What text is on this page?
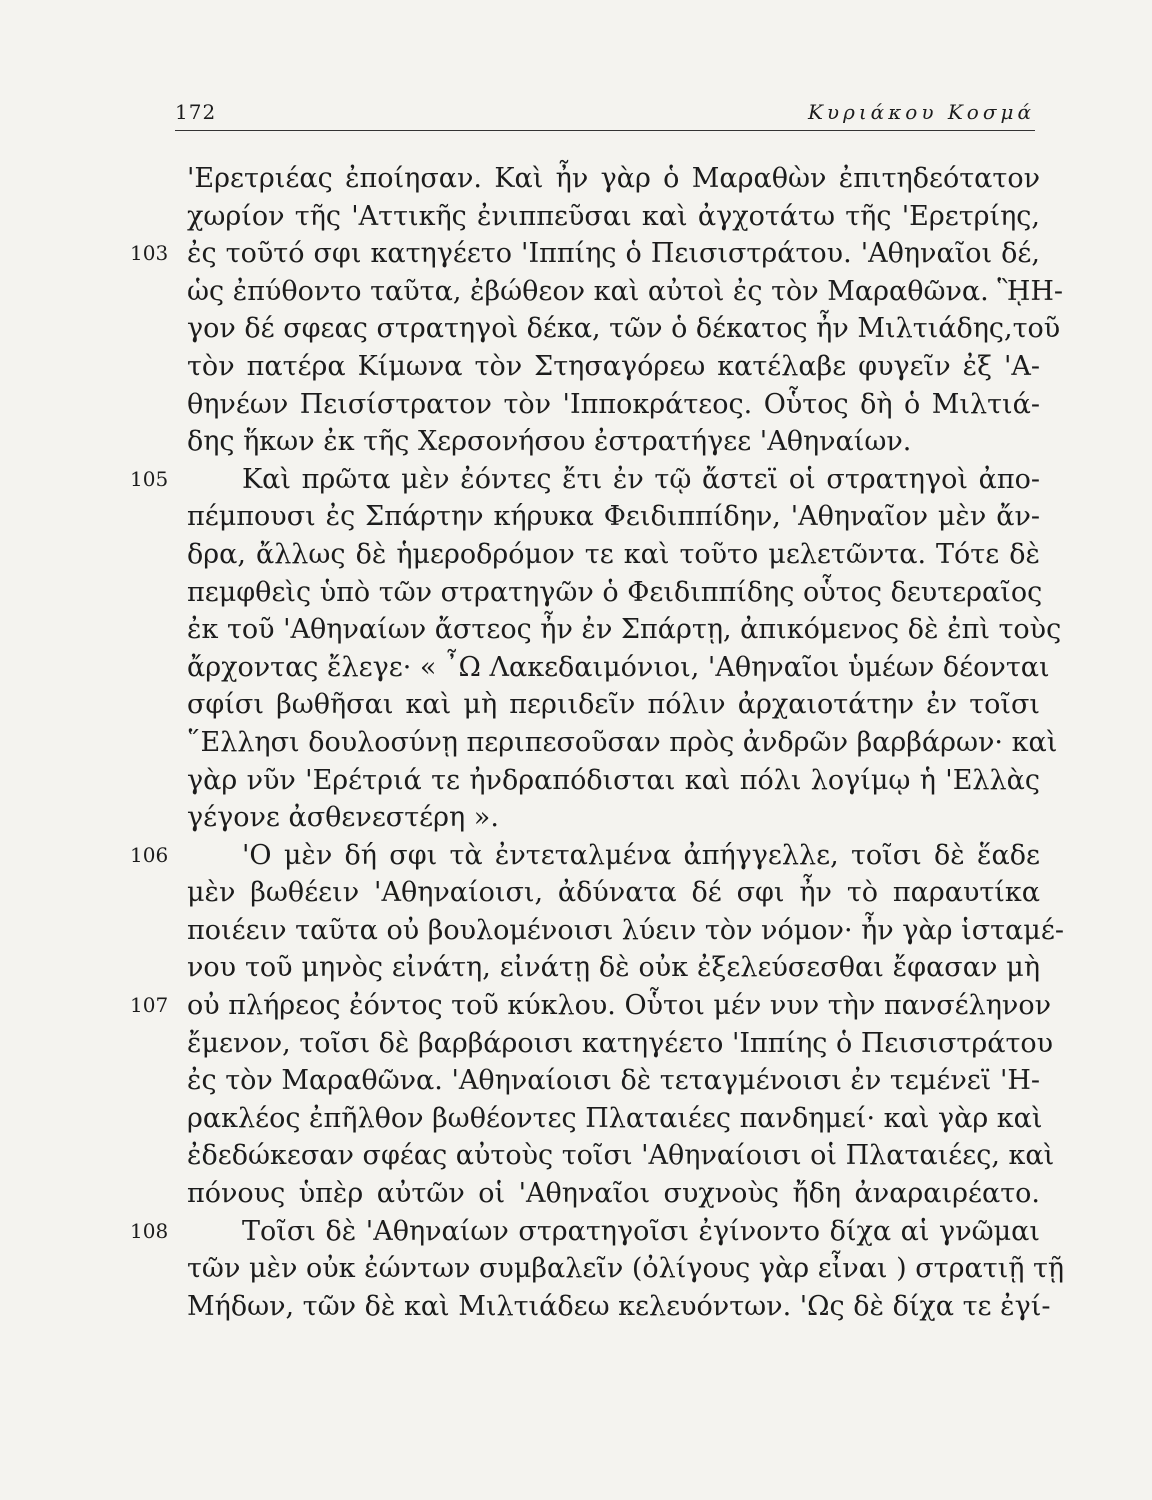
172	Κυριάκου Κοσμά
'Ερετριέας ἐποίησαν. Καὶ ἦν γὰρ ὁ Μαραθὼν ἐπιτηδεότατον
χωρίον τῆς 'Αττικῆς ἐνιππεῦσαι καὶ ἀγχοτάτω τῆς 'Ερετρίης,
103 ἐς τοῦτό σφι κατηγέετο 'Ιππίης ὁ Πεισιστράτου. 'Αθηναῖοι δέ,
ὡς ἐπύθοντο ταῦτα, ἐβώθεον καὶ αὐτοὶ ἐς τὸν Μαραθῶνα. ᾛΗ-
γον δέ σφεας στρατηγοὶ δέκα, τῶν ὁ δέκατος ἦν Μιλτιάδης,τοῦ
τὸν πατέρα Κίμωνα τὸν Στησαγόρεω κατέλαβε φυγεῖν ἐξ 'Α-
θηνέων Πεισίστρατον τὸν 'Ιπποκράτεος. Οὗτος δὴ ὁ Μιλτιά-
δης ἥκων ἐκ τῆς Χερσονήσου ἐστρατήγεε 'Αθηναίων.
105	Καὶ πρῶτα μὲν ἐόντες ἔτι ἐν τῷ ἄστεϊ οἱ στρατηγοὶ ἀπο-
πέμπουσι ἐς Σπάρτην κήρυκα Φειδιππίδην, 'Αθηναῖον μὲν ἄν-
δρα, ἄλλως δὲ ἡμεροδρόμον τε καὶ τοῦτο μελετῶντα. Τότε δὲ
πεμφθεὶς ὑπὸ τῶν στρατηγῶν ὁ Φειδιππίδης οὗτος δευτεραῖος
ἐκ τοῦ 'Αθηναίων ἄστεος ἦν ἐν Σπάρτῃ, ἀπικόμενος δὲ ἐπὶ τοὺς
ἄρχοντας ἔλεγε· « ῏Ω Λακεδαιμόνιοι, 'Αθηναῖοι ὑμέων δέονται
σφίσι βωθῆσαι καὶ μὴ περιιδεῖν πόλιν ἀρχαιοτάτην ἐν τοῖσι
῞Ελλησι δουλοσύνῃ περιπεσοῦσαν πρὸς ἀνδρῶν βαρβάρων· καὶ
γὰρ νῦν 'Ερέτριά τε ἠνδραπόδισται καὶ πόλι λογίμῳ ἡ 'Ελλὰς
γέγονε ἀσθενεστέρη ».
106	'Ο μὲν δή σφι τὰ ἐντεταλμένα ἀπήγγελλε, τοῖσι δὲ ἕαδε
μὲν βωθέειν 'Αθηναίοισι, ἀδύνατα δέ σφι ἦν τὸ παραυτίκα
ποιέειν ταῦτα οὐ βουλομένοισι λύειν τὸν νόμον· ἦν γὰρ ἱσταμέ-
νου τοῦ μηνὸς εἰνάτη, εἰνάτῃ δὲ οὐκ ἐξελεύσεσθαι ἔφασαν μὴ
107 οὐ πλήρεος ἐόντος τοῦ κύκλου. Οὗτοι μέν νυν τὴν πανσέληνον
ἔμενον, τοῖσι δὲ βαρβάροισι κατηγέετο 'Ιππίης ὁ Πεισιστράτου
ἐς τὸν Μαραθῶνα. 'Αθηναίοισι δὲ τεταγμένοισι ἐν τεμένεϊ 'Η-
ρακλέος ἐπῆλθον βωθέοντες Πλαταιέες πανδημεί· καὶ γὰρ καὶ
ἐδεδώκεσαν σφέας αὐτοὺς τοῖσι 'Αθηναίοισι οἱ Πλαταιέες, καὶ
πόνους ὑπὲρ αὐτῶν οἱ 'Αθηναῖοι συχνοὺς ἤδη ἀναραιρέατο.
108	Τοῖσι δὲ 'Αθηναίων στρατηγοῖσι ἐγίνοντο δίχα αἱ γνῶμαι
τῶν μὲν οὐκ ἐώντων συμβαλεῖν (ὀλίγους γὰρ εἶναι ) στρατιῇ τῇ
Μήδων, τῶν δὲ καὶ Μιλτιάδεω κελευόντων. 'Ως δὲ δίχα τε ἐγί-
